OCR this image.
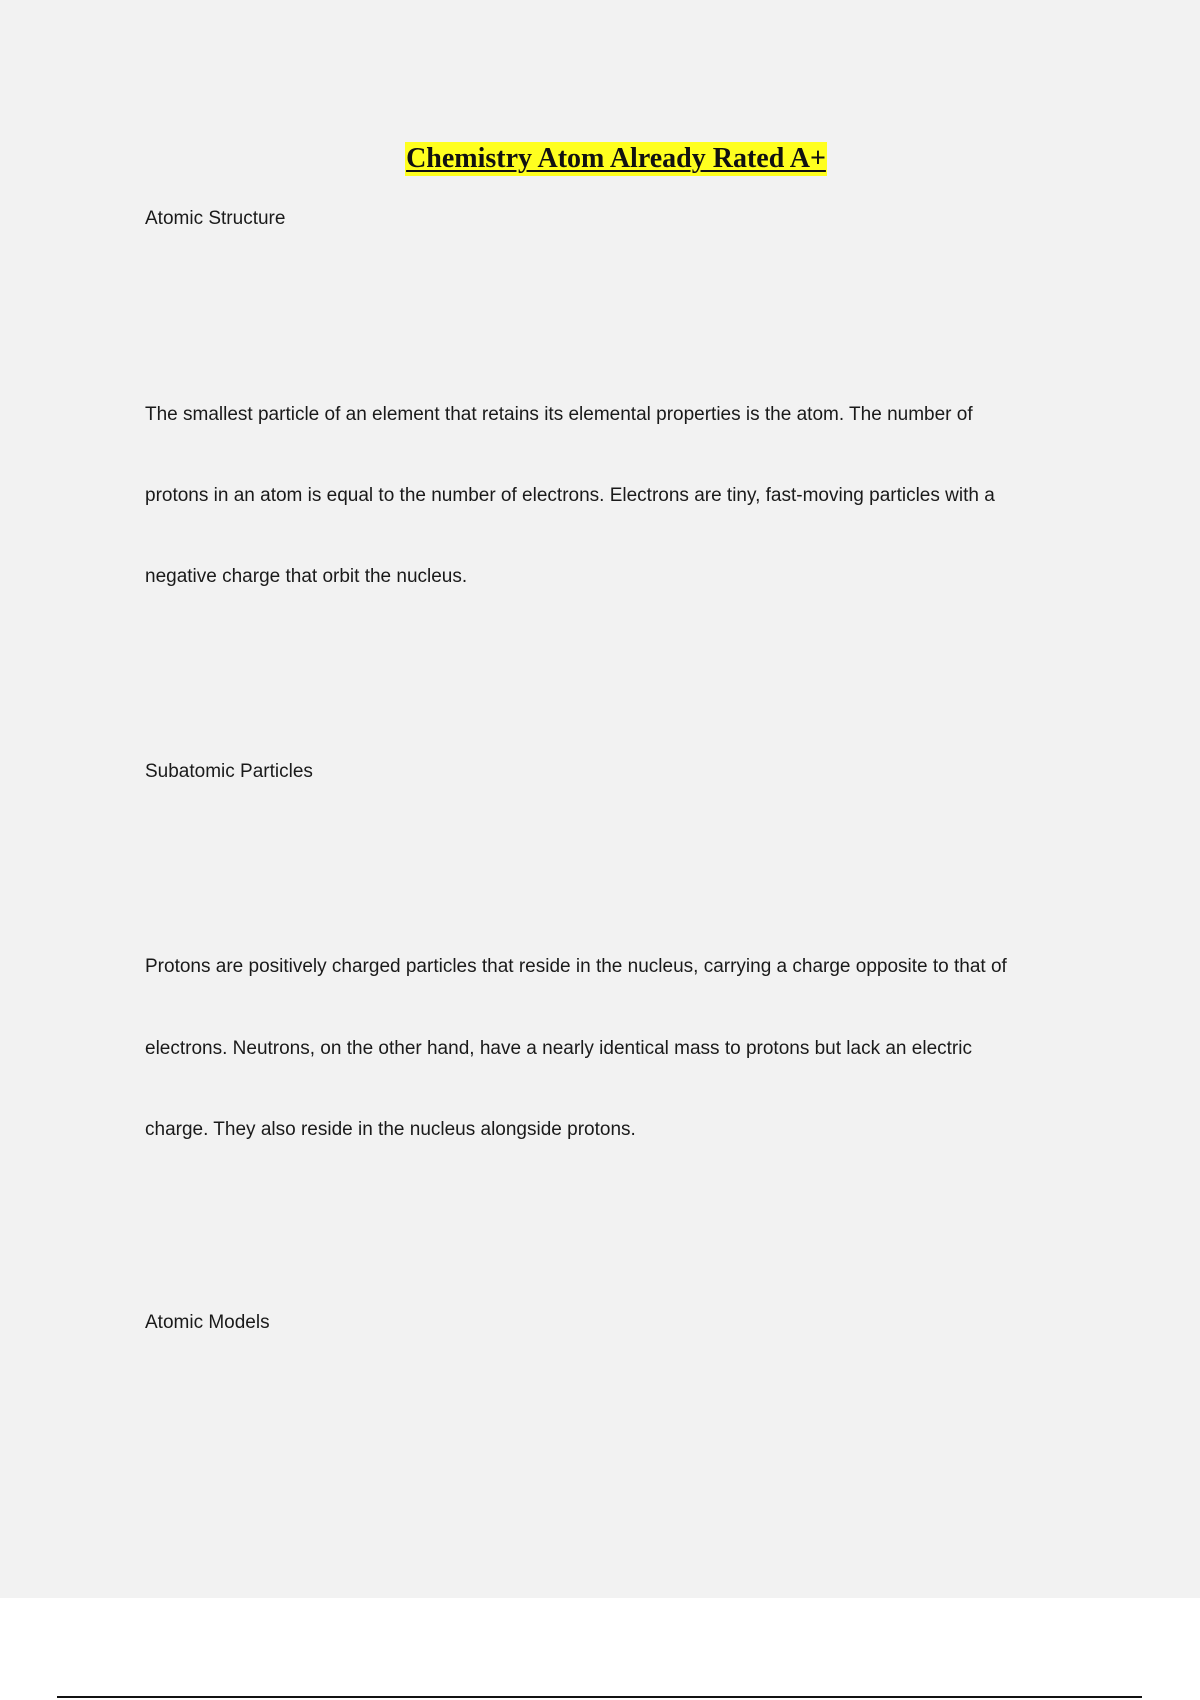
Chemistry Atom Already Rated A+
Atomic Structure
The smallest particle of an element that retains its elemental properties is the atom. The number of
protons in an atom is equal to the number of electrons. Electrons are tiny, fast-moving particles with a
negative charge that orbit the nucleus.
Subatomic Particles
Protons are positively charged particles that reside in the nucleus, carrying a charge opposite to that of
electrons. Neutrons, on the other hand, have a nearly identical mass to protons but lack an electric
charge. They also reside in the nucleus alongside protons.
Atomic Models
